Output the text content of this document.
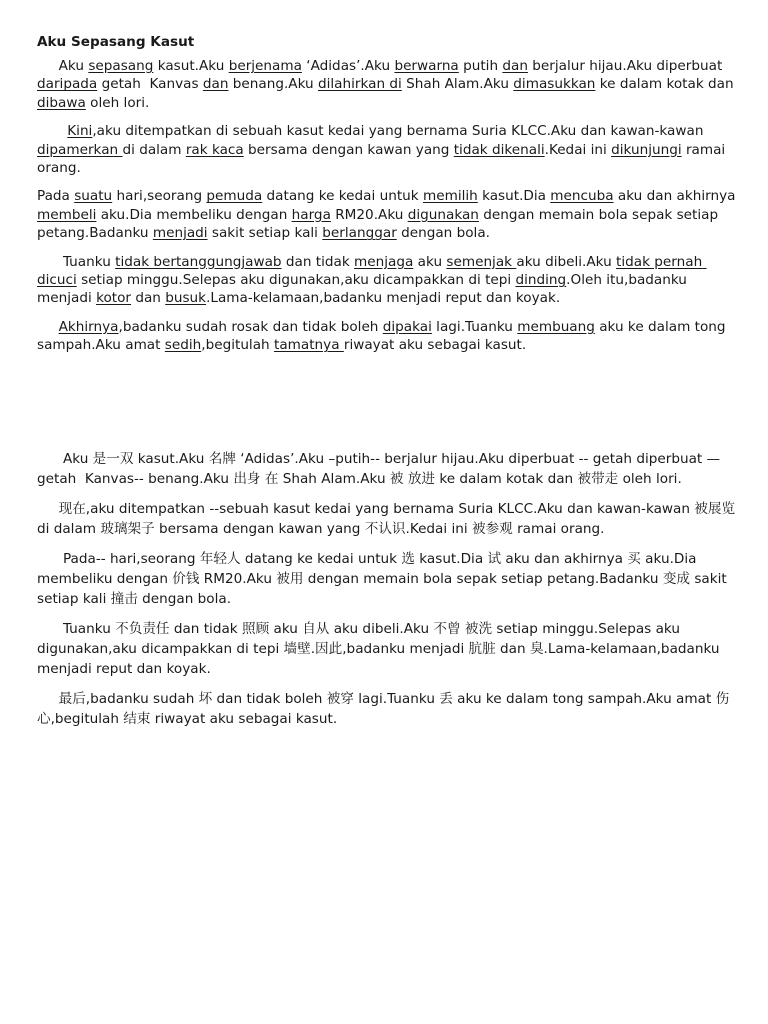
Aku Sepasang Kasut

Aku sepasang kasut.Aku berjenama ‘Adidas’.Aku berwarna putih dan berjalur hijau.Aku diperbuat daripada getah  Kanvas dan benang.Aku dilahirkan di Shah Alam.Aku dimasukkan ke dalam kotak dan dibawa oleh lori.

Kini,aku ditempatkan di sebuah kasut kedai yang bernama Suria KLCC.Aku dan kawan-kawan dipamerkan di dalam rak kaca bersama dengan kawan yang tidak dikenali.Kedai ini dikunjungi ramai orang.

Pada suatu hari,seorang pemuda datang ke kedai untuk memilih kasut.Dia mencuba aku dan akhirnya membeli aku.Dia membeliku dengan harga RM20.Aku digunakan dengan memain bola sepak setiap petang.Badanku menjadi sakit setiap kali berlanggar dengan bola.

Tuanku tidak bertanggungjawab dan tidak menjaga aku semenjak aku dibeli.Aku tidak pernah dicuci setiap minggu.Selepas aku digunakan,aku dicampakkan di tepi dinding.Oleh itu,badanku menjadi kotor dan busuk.Lama-kelamaan,badanku menjadi reput dan koyak.

Akhirnya,badanku sudah rosak dan tidak boleh dipakai lagi.Tuanku membuang aku ke dalam tong sampah.Aku amat sedih,begitulah tamatnya riwayat aku sebagai kasut.

Aku 是一双 kasut.Aku 名牌 ‘Adidas’.Aku –putih-- berjalur hijau.Aku diperbuat -- getah diperbuat —getah  Kanvas-- benang.Aku 出身 在 Shah Alam.Aku 被 放进 ke dalam kotak dan 被带走 oleh lori.

现在,aku ditempatkan --sebuah kasut kedai yang bernama Suria KLCC.Aku dan kawan-kawan 被展览 di dalam 玻璃架子 bersama dengan kawan yang 不认识.Kedai ini 被参观 ramai orang.

Pada-- hari,seorang 年轻人 datang ke kedai untuk 选 kasut.Dia 试 aku dan akhirnya 买 aku.Dia membeliku dengan 价钱 RM20.Aku 被用 dengan memain bola sepak setiap petang.Badanku 变成 sakit setiap kali 撞击 dengan bola.

Tuanku 不负责任 dan tidak 照顾 aku 自从 aku dibeli.Aku 不曾 被洗 setiap minggu.Selepas aku digunakan,aku dicampakkan di tepi 墙壁.因此,badanku menjadi 肮脏 dan 臭.Lama-kelamaan,badanku menjadi reput dan koyak.

最后,badanku sudah 坏 dan tidak boleh 被穿 lagi.Tuanku 丢 aku ke dalam tong sampah.Aku amat 伤心,begitulah 结束 riwayat aku sebagai kasut.
